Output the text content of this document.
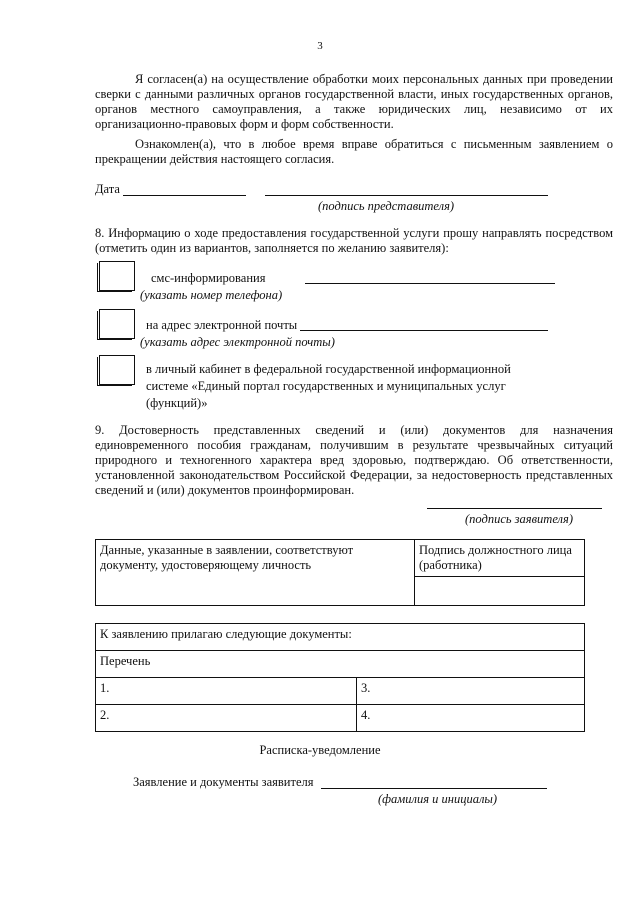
3
Я согласен(а) на осуществление обработки моих персональных данных при проведении сверки с данными различных органов государственной власти, иных государственных органов, органов местного самоуправления, а также юридических лиц, независимо от их организационно-правовых форм и форм собственности.
Ознакомлен(а), что в любое время вправе обратиться с письменным заявлением о прекращении действия настоящего согласия.
Дата
(подпись представителя)
8. Информацию о ходе предоставления государственной услуги прошу направлять посредством (отметить один из вариантов, заполняется по желанию заявителя):
смс-информирования
(указать номер телефона)
на адрес электронной почты
(указать адрес электронной почты)
в личный кабинет в федеральной государственной информационной системе «Единый портал государственных и муниципальных услуг (функций)»
9. Достоверность представленных сведений и (или) документов для назначения единовременного пособия гражданам, получившим в результате чрезвычайных ситуаций природного и техногенного характера вред здоровью, подтверждаю. Об ответственности, установленной законодательством Российской Федерации, за недостоверность представленных сведений и (или) документов проинформирован.
(подпись заявителя)
Данные, указанные в заявлении, соответствуют документу, удостоверяющему личность	Подпись должностного лица (работника)

К заявлению прилагаю следующие документы:	
Перечень	
1.	3.
2.	4.
Расписка-уведомление
Заявление и документы заявителя
(фамилия и инициалы)
